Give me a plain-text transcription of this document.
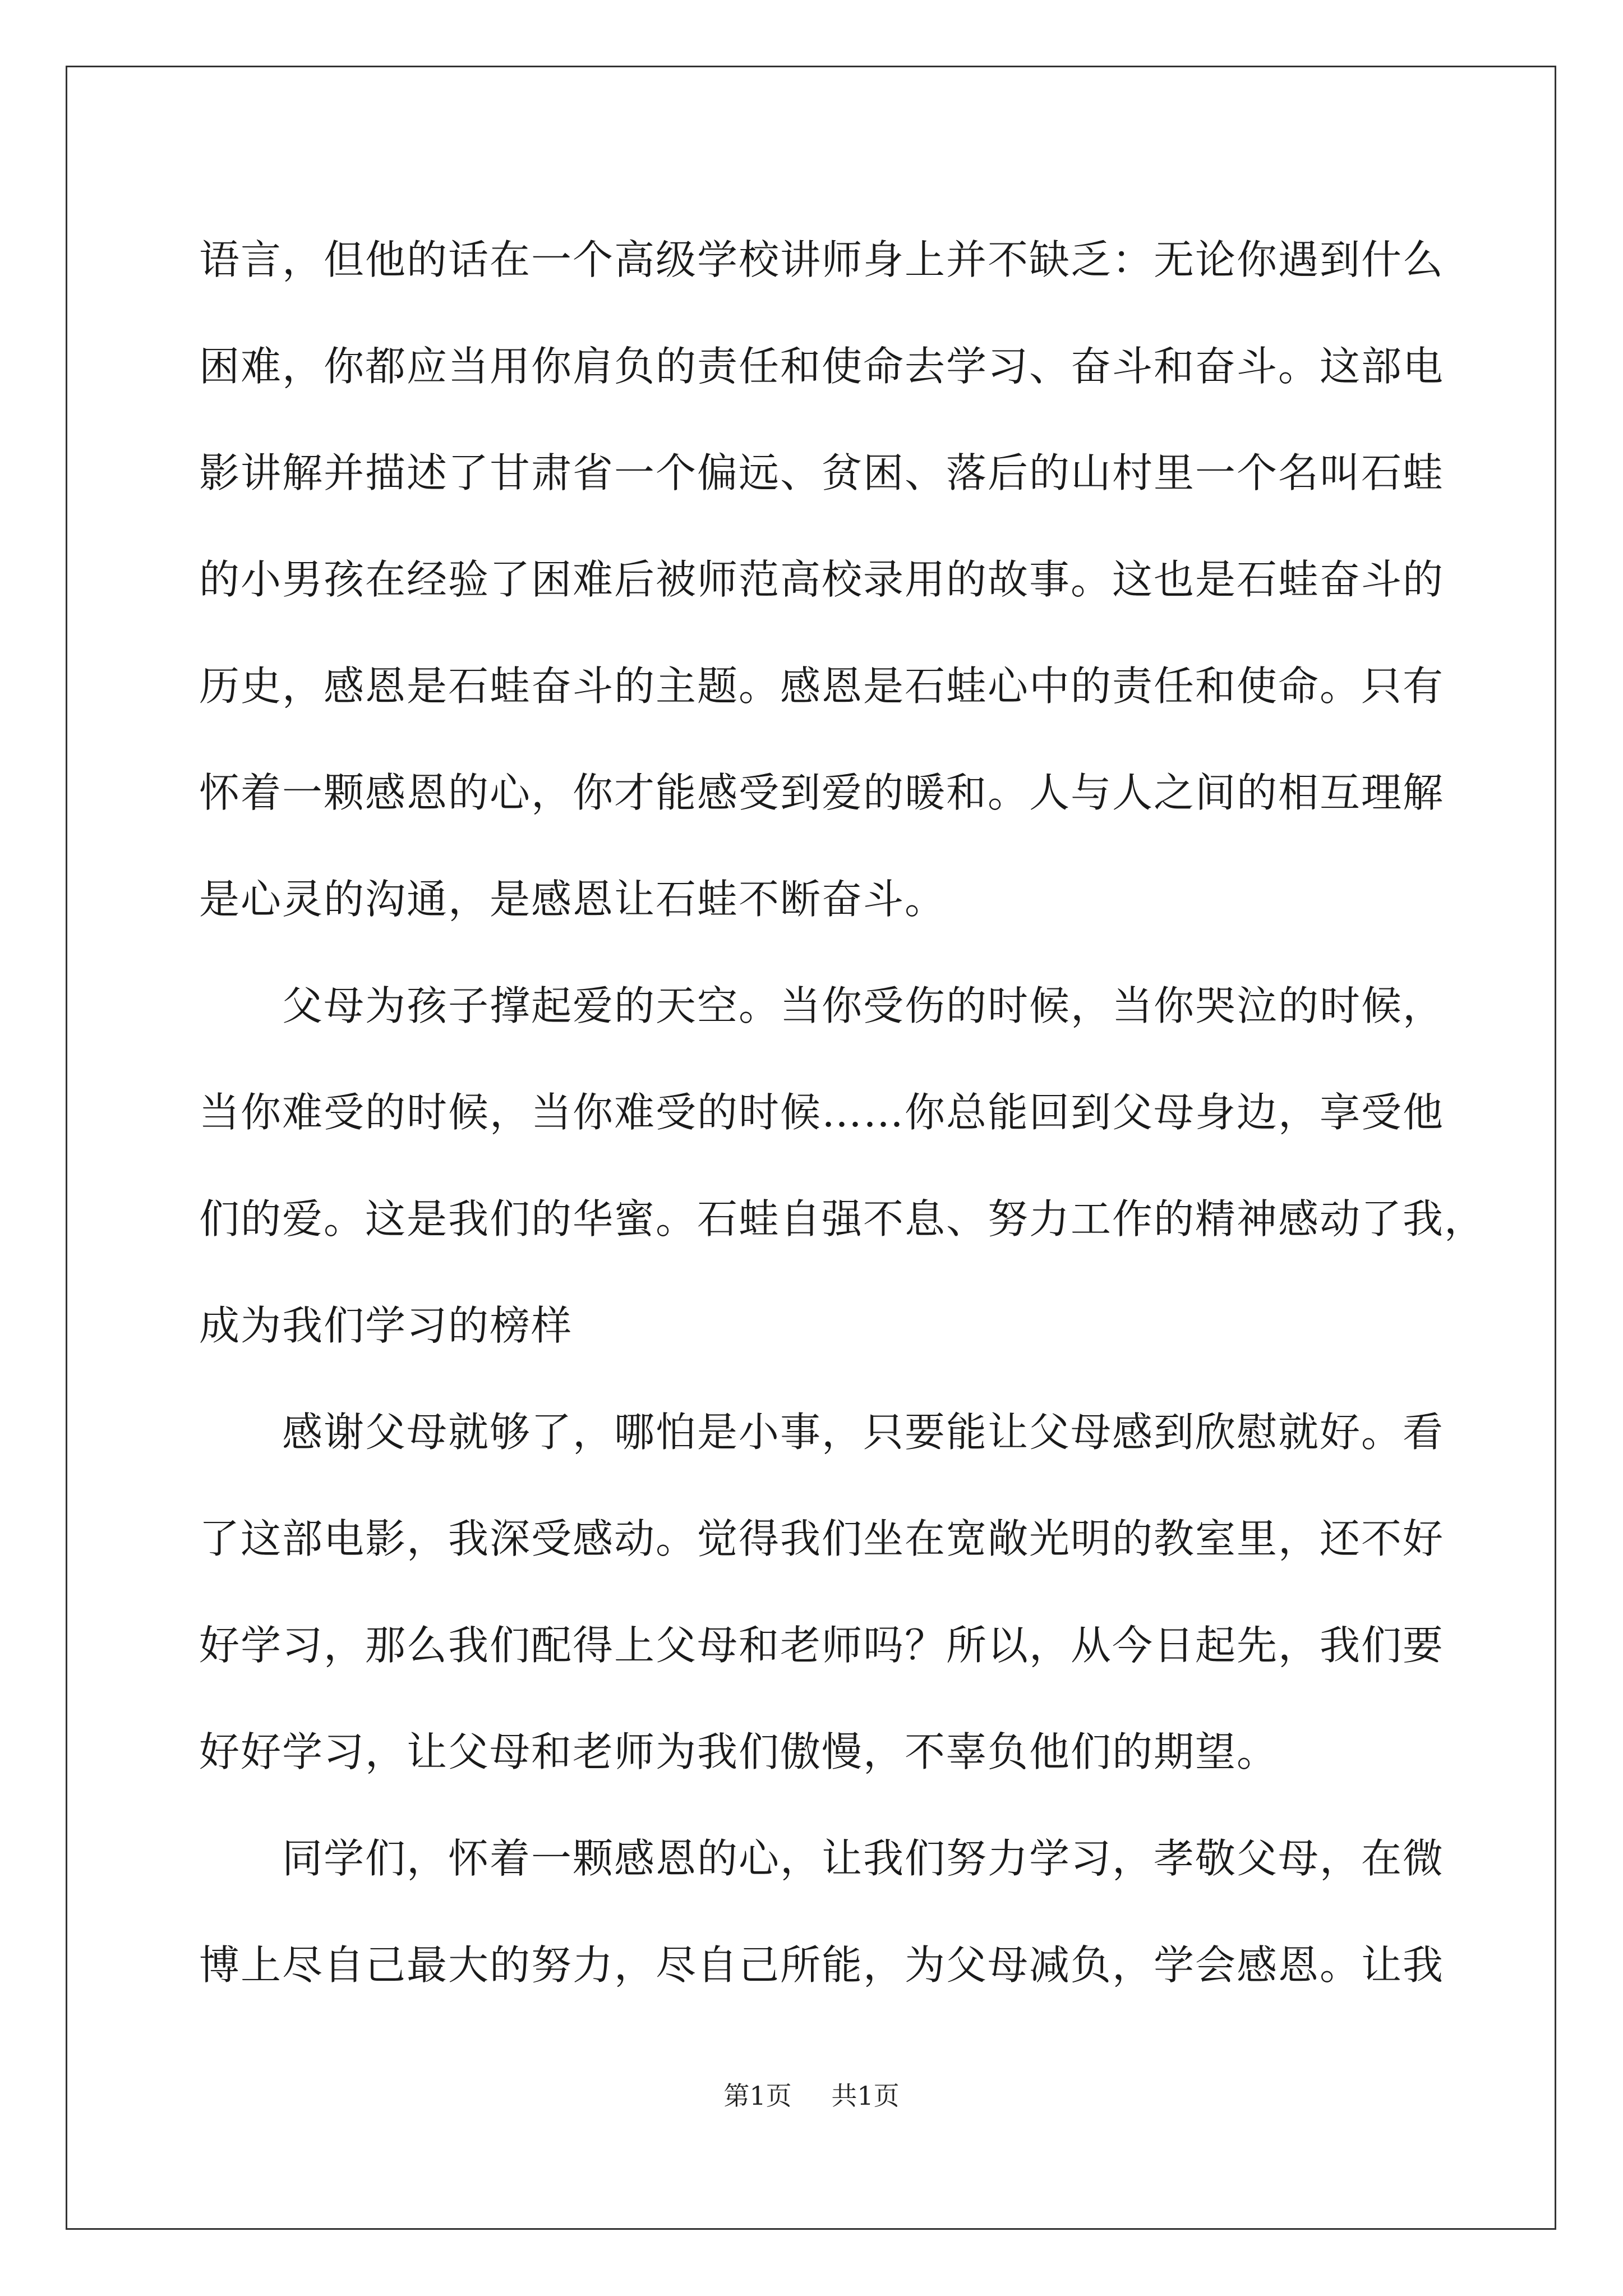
语言，但他的话在一个高级学校讲师身上并不缺乏：无论你遇到什么
困难，你都应当用你肩负的责任和使命去学习、奋斗和奋斗。这部电
影讲解并描述了甘肃省一个偏远、贫困、落后的山村里一个名叫石蛙
的小男孩在经验了困难后被师范高校录用的故事。这也是石蛙奋斗的
历史，感恩是石蛙奋斗的主题。感恩是石蛙心中的责任和使命。只有
怀着一颗感恩的心，你才能感受到爱的暖和。人与人之间的相互理解
是心灵的沟通，是感恩让石蛙不断奋斗。
父母为孩子撑起爱的天空。当你受伤的时候，当你哭泣的时候，
当你难受的时候，当你难受的时候……你总能回到父母身边，享受他
们的爱。这是我们的华蜜。石蛙自强不息、努力工作的精神感动了我，
成为我们学习的榜样
感谢父母就够了，哪怕是小事，只要能让父母感到欣慰就好。看
了这部电影，我深受感动。觉得我们坐在宽敞光明的教室里，还不好
好学习，那么我们配得上父母和老师吗？所以，从今日起先，我们要
好好学习，让父母和老师为我们傲慢，不辜负他们的期望。
同学们，怀着一颗感恩的心，让我们努力学习，孝敬父母，在微
博上尽自己最大的努力，尽自己所能，为父母减负，学会感恩。让我
第1页 共1页
